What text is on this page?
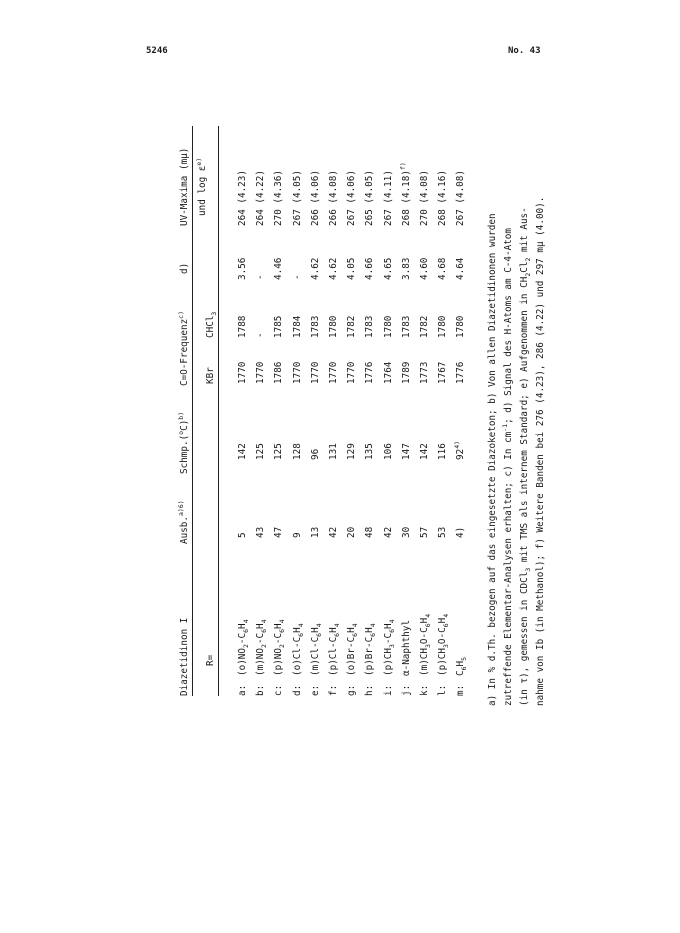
5246	No. 43
Diazetidinon I
Ausb.$^{a)6)}$
$Schmp.(^oC)^{b)}$
C=O-Frequenz$^{c)}$
d)
UV-Maxima (mμ)
R=
KBr
CHCl$_3$
und $\log \varepsilon^{e)}$
a:
$(o)NO_2-C_6H_4$
5
142
1770
1788
3.56
264 (4.23)
b:
$(m)NO_2-C_6H_4$
43
125
1770
-
-
264 (4.22)
c:
$(p)NO_2-C_6H_4$
47
125
1786
1785
4.46
270 (4.36)
d:
$(o)Cl-C_6H_4$
9
128
1770
1784
-
267 (4.05)
e:
$(m)Cl-C_6H_4$
13
96
1770
1783
4.62
266 (4.06)
f:
$(p)Cl-C_6H_4$
42
131
1770
1780
4.62
266 (4.08)
g:
$(o)Br-C_6H_4$
20
129
1770
1782
4.05
267 (4.06)
h:
$(p)Br-C_6H_4$
48
135
1776
1783
4.66
265 (4.05)
i:
$(p)CH_3-C_6H_4$
42
106
1764
1780
4.65
267 (4.11)
j:
α-Naphthyl
30
147
1789
1783
3.83
268 $(4.18)^{f)}$
k:
$(m)CH_3O-C_6H_4$
57
142
1773
1782
4.60
270 (4.08)
l:
$(p)CH_3O-C_6H_4$
53
116
1767
1780
4.68
268 (4.16)
m:
$C_6H_5$
4)
92$^{4)}$
1776
1780
4.64
267 (4.08)
a) In % d.Th. bezogen auf das eingesetzte Diazoketon; b) Von allen Diazetidinonen wurden zutreffende Elementar-Analysen erhalten; c) In $cm^{-1}$; d) Signal des H-Atoms am C-4-Atom
(in τ), gemessen in CDCl$_3$ mit TMS als internem Standard; e) Aufgenommen in $CH_2Cl_2$ mit Aus- nahme von Ib (in Methanol); f) Weitere Banden bei 276 (4.23), 286 (4.22) und 297 mμ (4.00).
